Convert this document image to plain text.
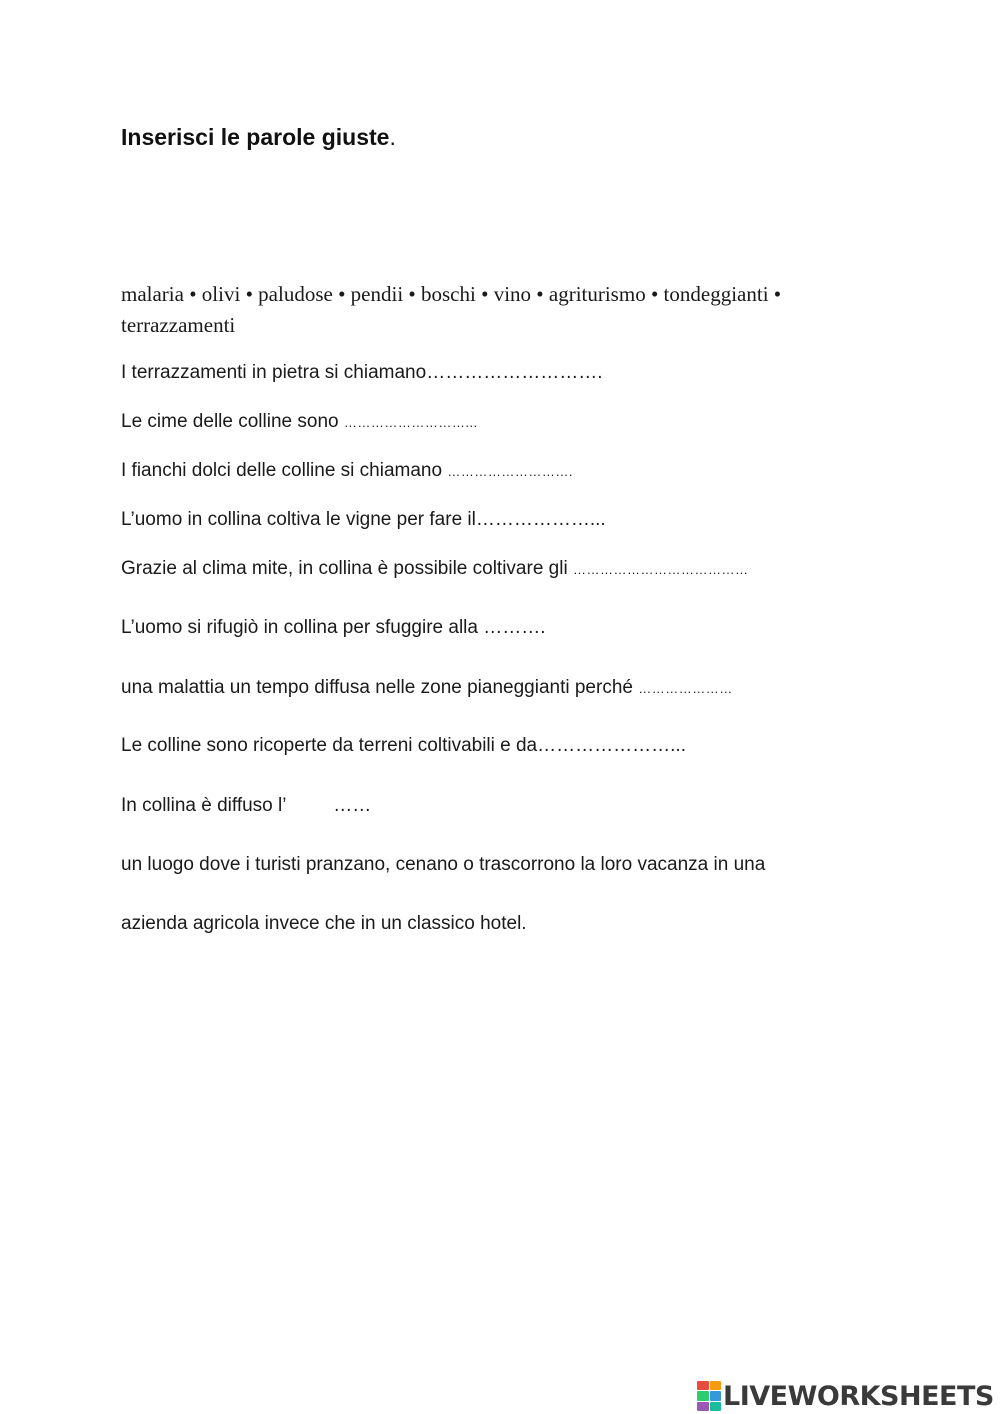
Inserisci le parole giuste.
malaria • olivi • paludose • pendii • boschi • vino • agriturismo • tondeggianti •
terrazzamenti
I terrazzamenti in pietra si chiamano……………………….
Le cime delle colline sono ………………………...
I fianchi dolci delle colline si chiamano ……………………….
L’uomo in collina coltiva le vigne per fare il………………...
Grazie al clima mite, in collina è possibile coltivare gli …………………………………
L’uomo si rifugiò in collina per sfuggire alla ……….
una malattia un tempo diffusa nelle zone pianeggianti perché …………………
Le colline sono ricoperte da terreni coltivabili e da…………………...
In collina è diffuso l’         ……
un luogo dove i turisti pranzano, cenano o trascorrono la loro vacanza in una
azienda agricola invece che in un classico hotel.
LIVEWORKSHEETS
